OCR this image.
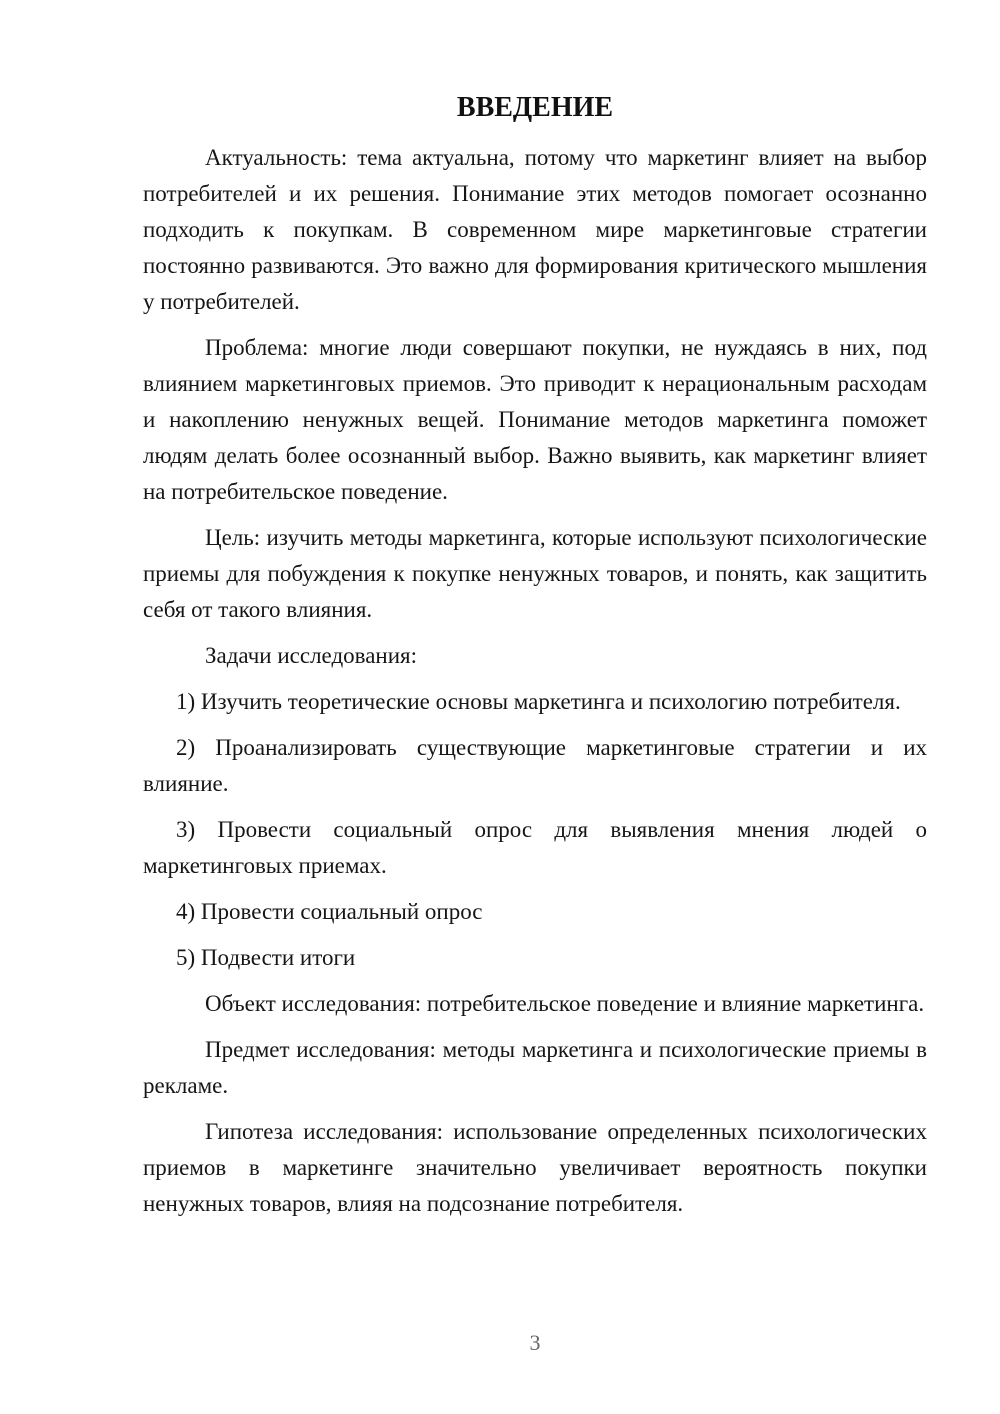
ВВЕДЕНИЕ

Актуальность: тема актуальна, потому что маркетинг влияет на выбор потребителей и их решения. Понимание этих методов помогает осознанно подходить к покупкам. В современном мире маркетинговые стратегии постоянно развиваются. Это важно для формирования критического мышления у потребителей.

Проблема: многие люди совершают покупки, не нуждаясь в них, под влиянием маркетинговых приемов. Это приводит к нерациональным расходам и накоплению ненужных вещей. Понимание методов маркетинга поможет людям делать более осознанный выбор. Важно выявить, как маркетинг влияет на потребительское поведение.

Цель: изучить методы маркетинга, которые используют психологические приемы для побуждения к покупке ненужных товаров, и понять, как защитить себя от такого влияния.

Задачи исследования:

1) Изучить теоретические основы маркетинга и психологию потребителя.

2) Проанализировать существующие маркетинговые стратегии и их влияние.

3) Провести социальный опрос для выявления мнения людей о маркетинговых приемах.

4) Провести социальный опрос

5) Подвести итоги

Объект исследования: потребительское поведение и влияние маркетинга.

Предмет исследования: методы маркетинга и психологические приемы в рекламе.

Гипотеза исследования: использование определенных психологических приемов в маркетинге значительно увеличивает вероятность покупки ненужных товаров, влияя на подсознание потребителя.

3
